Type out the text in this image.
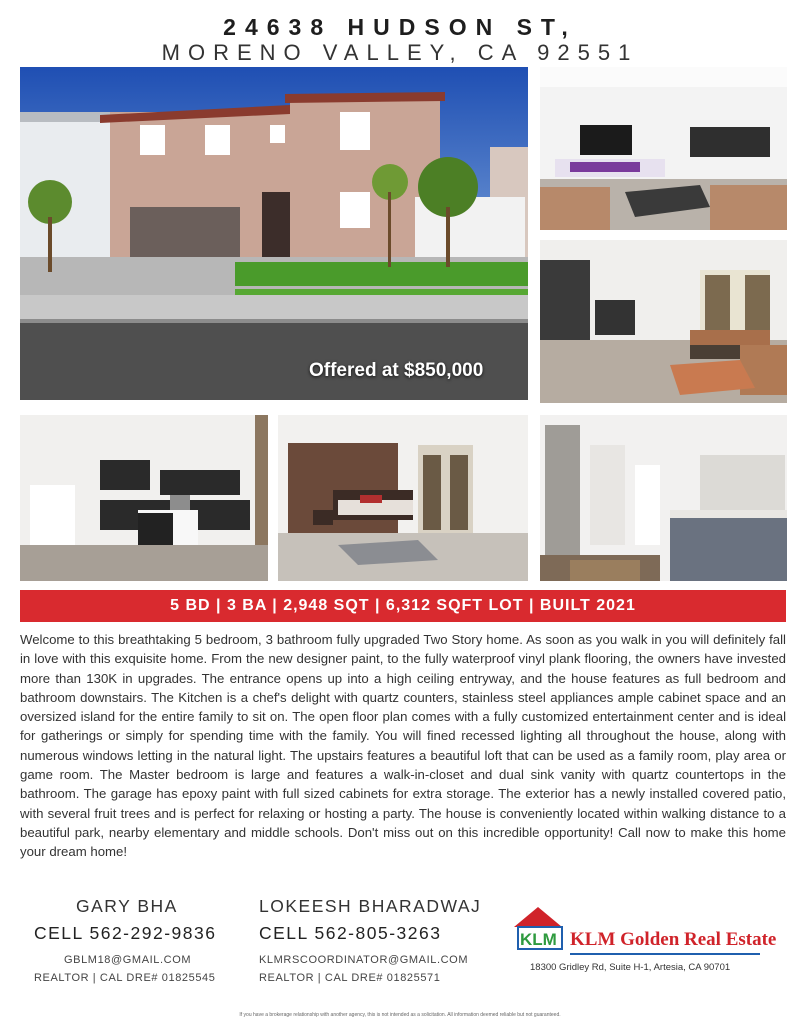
24638 HUDSON ST,
MORENO VALLEY, CA 92551
Offered at $850,000
5 BD | 3 BA | 2,948 SQT | 6,312 SQFT LOT | BUILT 2021
Welcome to this breathtaking 5 bedroom, 3 bathroom fully upgraded Two Story home. As soon as you walk in you will definitely fall in love with this exquisite home. From the new designer paint, to the fully waterproof vinyl plank flooring, the owners have invested more than 130K in upgrades. The entrance opens up into a high ceiling entryway, and the house features as full bedroom and bathroom downstairs. The Kitchen is a chef's delight with quartz counters, stainless steel appliances ample cabinet space and an oversized island for the entire family to sit on. The open floor plan comes with a fully customized entertainment center and is ideal for gatherings or simply for spending time with the family. You will fined recessed lighting all throughout the house, along with numerous windows letting in the natural light. The upstairs features a beautiful loft that can be used as a family room, play area or game room. The Master bedroom is large and features a walk-in-closet and dual sink vanity with quartz countertops in the bathroom. The garage has epoxy paint with full sized cabinets for extra storage. The exterior has a newly installed covered patio, with several fruit trees and is perfect for relaxing or hosting a party. The house is conveniently located within walking distance to a beautiful park, nearby elementary and middle schools. Don't miss out on this incredible opportunity! Call now to make this home your dream home!
GARY BHA
CELL 562-292-9836
GBLM18@GMAIL.COM
REALTOR | CAL DRE# 01825545
LOKEESH BHARADWAJ
CELL 562-805-3263
KLMRSCOORDINATOR@GMAIL.COM
REALTOR | CAL DRE# 01825571
KLM KLM Golden Real Estate
18300 Gridley Rd, Suite H-1, Artesia, CA 90701
If you have a brokerage relationship with another agency, this is not intended as a solicitation. All information deemed reliable but not guaranteed.
